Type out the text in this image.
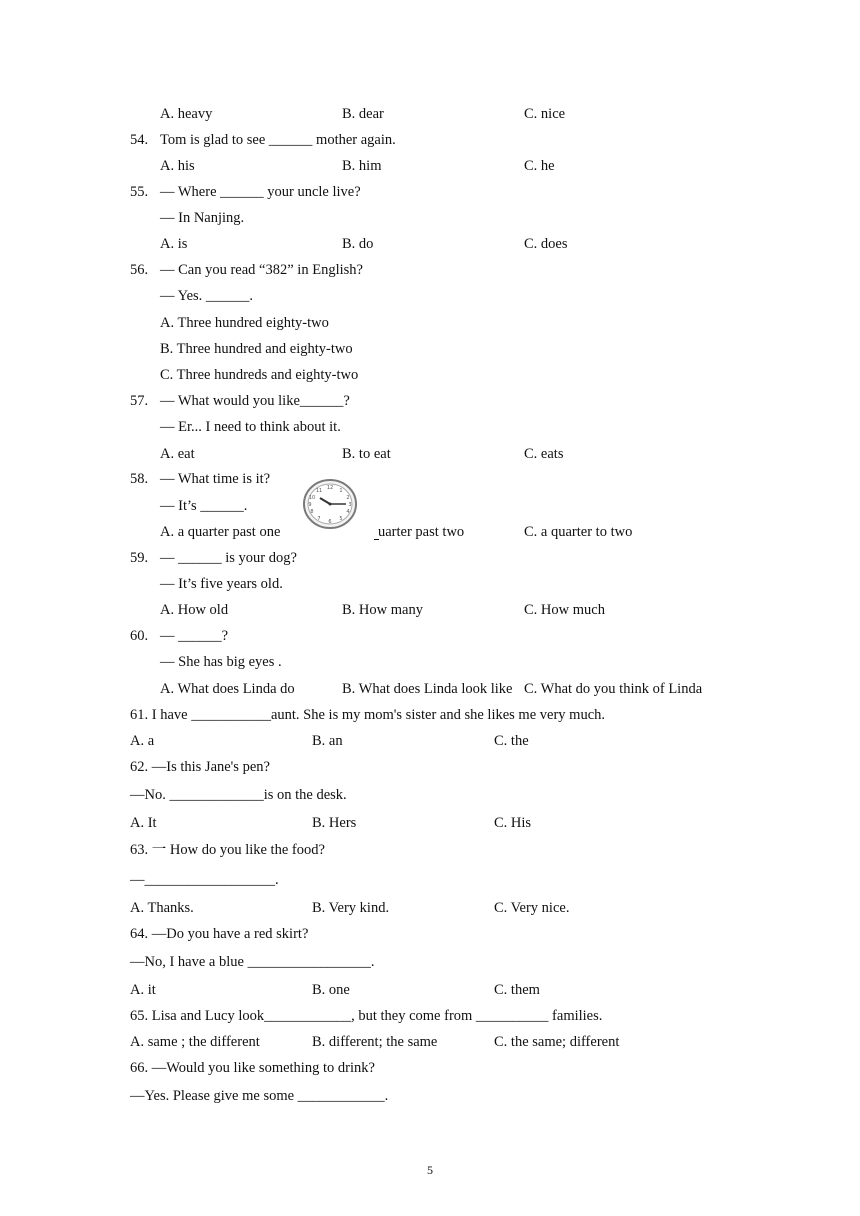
A. heavy	B. dear	C. nice
54. Tom is glad to see ______ mother again.
A. his	B. him	C. he
55. — Where ______ your uncle live?
— In Nanjing.
A. is	B. do	C. does
56. — Can you read “382” in English?
— Yes. ______.
A. Three hundred eighty-two
B. Three hundred and eighty-two
C. Three hundreds and eighty-two
57. — What would you like______?
— Er... I need to think about it.
A. eat	B. to eat	C. eats
58. — What time is it?
— It’s ______.
A. a quarter past one	uarter past two	C. a quarter to two
12 1
2
3
4
5
6
7
8
9
10
11
59. — ______ is your dog?
— It’s five years old.
A. How old	B. How many	C. How much
60. — ______?
— She has big eyes .
A. What does Linda do	B. What does Linda look like C. What do you think of Linda
61. I have ___________aunt. She is my mom's sister and she likes me very much.
A. a	B. an	C. the
62. —Is this Jane's pen?
—No. _____________is on the desk.
A. It	B. Hers	C. His
63. 一 How do you like the food?
—__________________.
A. Thanks.	B. Very kind.	C. Very nice.
64. —Do you have a red skirt?
—No, I have a blue _________________.
A. it	B. one	C. them
65. Lisa and Lucy look____________, but they come from __________ families.
A. same ; the different	B. different; the same	C. the same; different
66. —Would you like something to drink?
—Yes. Please give me some ____________.
5
